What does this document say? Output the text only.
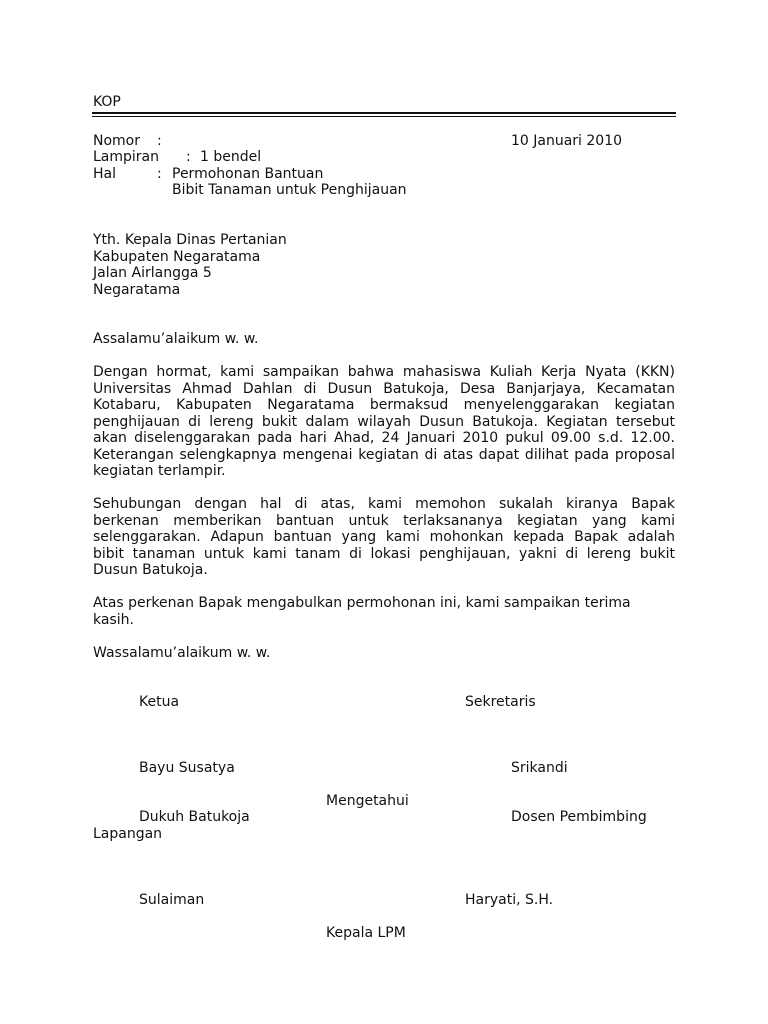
KOP
Nomor :	10 Januari 2010
Lampiran : 1 bendel
Hal	: Permohonan Bantuan
Bibit Tanaman untuk Penghijauan
Yth. Kepala Dinas Pertanian
Kabupaten Negaratama
Jalan Airlangga 5
Negaratama
Assalamu’alaikum w. w.
Dengan hormat, kami sampaikan bahwa mahasiswa Kuliah Kerja Nyata (KKN)
Universitas Ahmad Dahlan di Dusun Batukoja, Desa Banjarjaya, Kecamatan
Kotabaru, Kabupaten Negaratama bermaksud menyelenggarakan kegiatan
penghijauan di lereng bukit dalam wilayah Dusun Batukoja. Kegiatan tersebut
akan diselenggarakan pada hari Ahad, 24 Januari 2010 pukul 09.00 s.d. 12.00.
Keterangan selengkapnya mengenai kegiatan di atas dapat dilihat pada proposal
kegiatan terlampir.
Sehubungan dengan hal di atas, kami memohon sukalah kiranya Bapak
berkenan memberikan bantuan untuk terlaksananya kegiatan yang kami
selenggarakan. Adapun bantuan yang kami mohonkan kepada Bapak adalah
bibit tanaman untuk kami tanam di lokasi penghijauan, yakni di lereng bukit
Dusun Batukoja.
Atas perkenan Bapak mengabulkan permohonan ini, kami sampaikan terima
kasih.
Wassalamu’alaikum w. w.
Ketua	Sekretaris
Bayu Susatya	Srikandi
Mengetahui
Dukuh Batukoja	Dosen Pembimbing
Lapangan
Sulaiman	Haryati, S.H.
Kepala LPM
